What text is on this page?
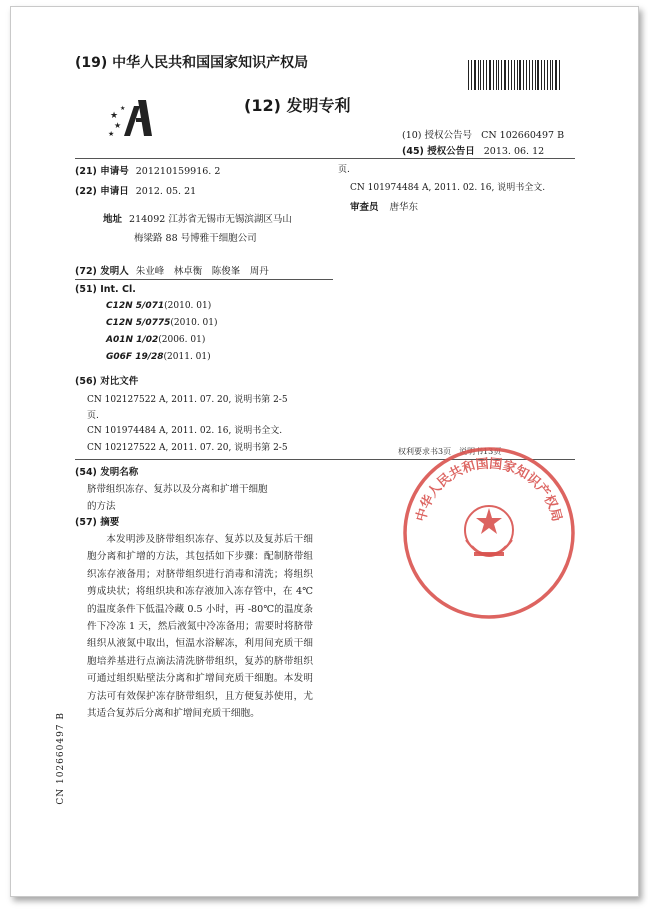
(19) 中华人民共和国国家知识产权局
★
★
★
★	(12) 发明专利
(10) 授权公告号 CN 102660497 B
(45) 授权公告日 2013. 06. 12
(21) 申请号 201210159916. 2
(22) 申请日 2012. 05. 21
地址 214092 江苏省无锡市无锡滨湖区马山
梅梁路 88 号博雅干细胞公司
(72) 发明人 朱业峰　林卓衡　陈俊峯　周丹
(51) Int. Cl.
C12N 5/071(2010. 01)
C12N 5/0775(2010. 01)
A01N 1/02(2006. 01)
G06F 19/28(2011. 01)
(56) 对比文件
CN 102127522 A, 2011. 07. 20, 说明书第 2-5
页.
CN 101974484 A, 2011. 02. 16, 说明书全文.
CN 102127522 A, 2011. 07. 20, 说明书第 2-5
页.
CN 101974484 A, 2011. 02. 16, 说明书全文.
审查员 唐华东
权利要求书3页　说明书13页
(54) 发明名称
脐带组织冻存、复苏以及分离和扩增干细胞
的方法
(57) 摘要
本发明涉及脐带组织冻存、复苏以及复苏后干细胞分离和扩增的方法，其包括如下步骤：配制脐带组织冻存液备用；对脐带组织进行消毒和清洗；将组织剪成块状；将组织块和冻存液加入冻存管中，在 4℃的温度条件下低温冷藏 0.5 小时，再 -80℃的温度条件下冷冻 1 天，然后液氮中冷冻备用；需要时将脐带组织从液氮中取出，恒温水浴解冻，利用间充质干细胞培养基进行点滴法清洗脐带组织，复苏的脐带组织可通过组织贴壁法分离和扩增间充质干细胞。本发明方法可有效保护冻存脐带组织，且方便复苏使用，尤其适合复苏后分离和扩增间充质干细胞。
CN 102660497 B
中华人民共和国国家知识产权局
